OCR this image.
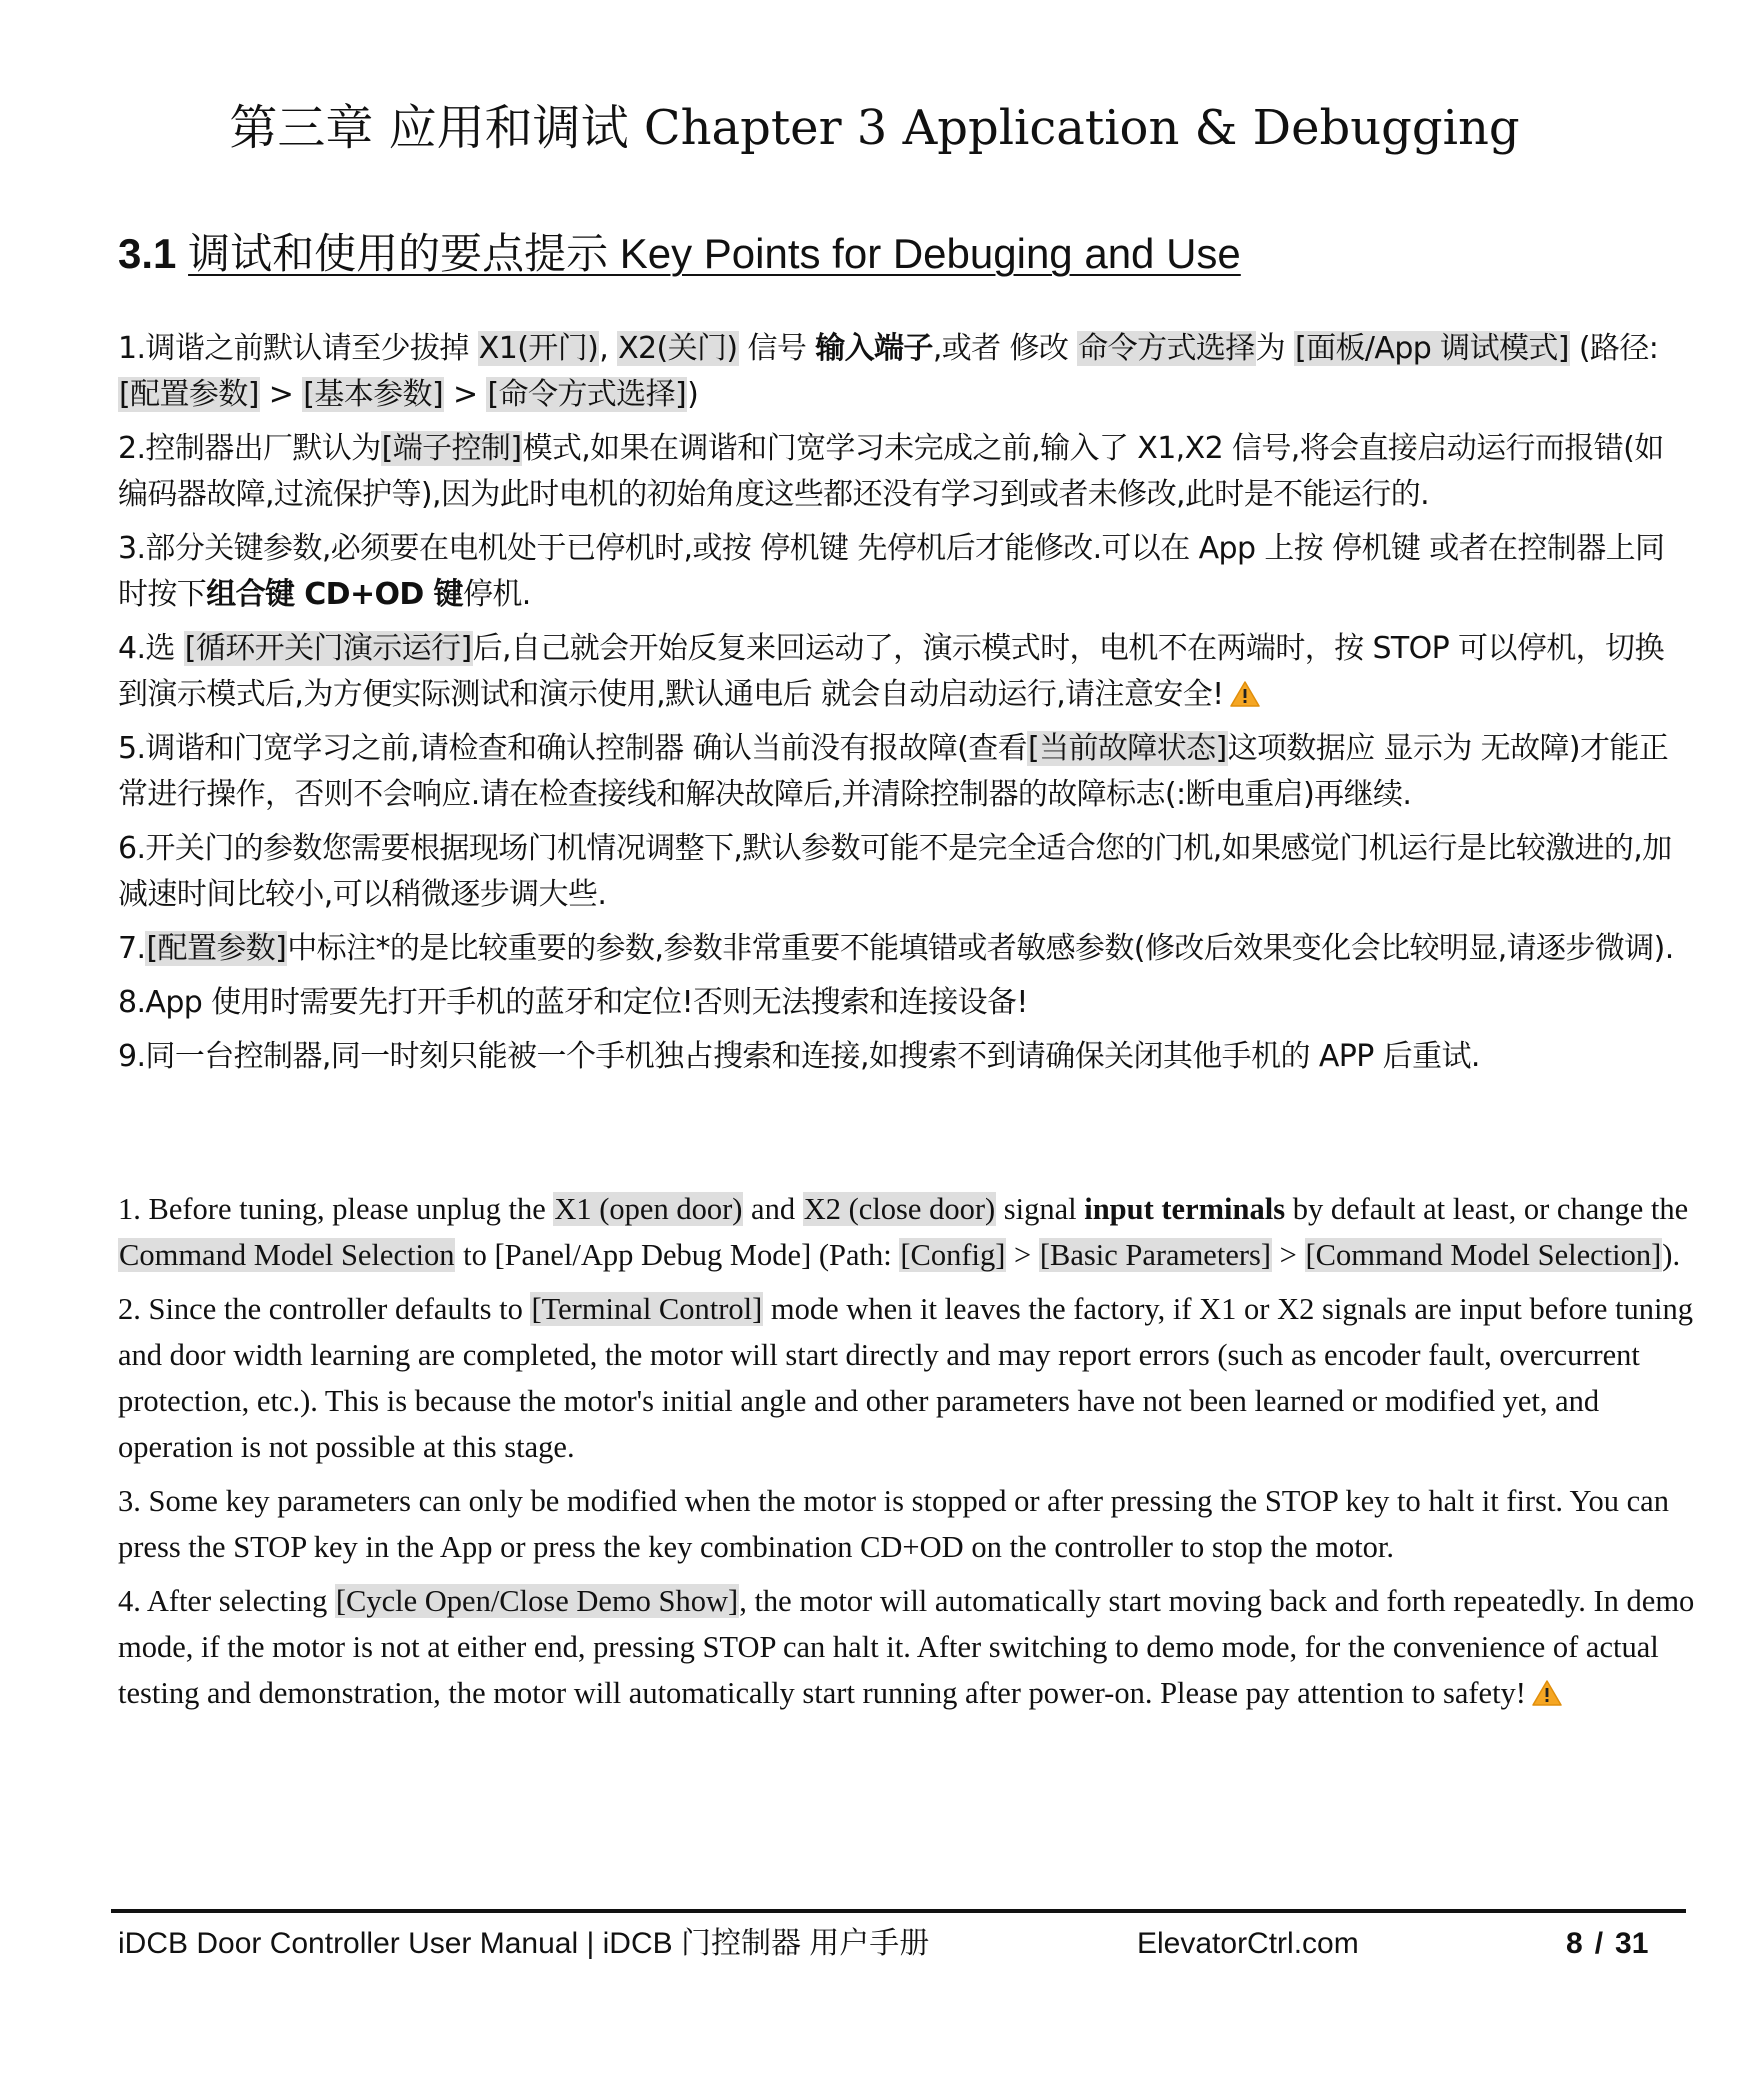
第三章 应用和调试 Chapter 3 Application & Debugging
3.1 调试和使用的要点提示 Key Points for Debuging and Use

1.调谐之前默认请至少拔掉 X1(开门), X2(关门) 信号 输入端子,或者 修改 命令方式选择为 [面板/App 调试模式] (路径: [配置参数] > [基本参数] > [命令方式选择])

2.控制器出厂默认为[端子控制]模式,如果在调谐和门宽学习未完成之前,输入了 X1,X2 信号,将会直接启动运行而报错(如 编码器故障,过流保护等),因为此时电机的初始角度这些都还没有学习到或者未修改,此时是不能运行的.

3.部分关键参数,必须要在电机处于已停机时,或按 停机键 先停机后才能修改.可以在 App 上按 停机键 或者在控制器上同时按下组合键 CD+OD 键停机.

4.选 [循环开关门演示运行]后,自己就会开始反复来回运动了，演示模式时，电机不在两端时，按 STOP 可以停机，切换到演示模式后,为方便实际测试和演示使用,默认通电后 就会自动启动运行,请注意安全!

5.调谐和门宽学习之前,请检查和确认控制器 确认当前没有报故障(查看[当前故障状态]这项数据应 显示为 无故障)才能正常进行操作，否则不会响应.请在检查接线和解决故障后,并清除控制器的故障标志(:断电重启)再继续.

6.开关门的参数您需要根据现场门机情况调整下,默认参数可能不是完全适合您的门机,如果感觉门机运行是比较激进的,加减速时间比较小,可以稍微逐步调大些.

7.[配置参数]中标注*的是比较重要的参数,参数非常重要不能填错或者敏感参数(修改后效果变化会比较明显,请逐步微调).

8.App 使用时需要先打开手机的蓝牙和定位!否则无法搜索和连接设备!

9.同一台控制器,同一时刻只能被一个手机独占搜索和连接,如搜索不到请确保关闭其他手机的 APP 后重试.

1. Before tuning, please unplug the X1 (open door) and X2 (close door) signal input terminals by default at least, or change the Command Model Selection to [Panel/App Debug Mode] (Path: [Config] > [Basic Parameters] > [Command Model Selection]).

2. Since the controller defaults to [Terminal Control] mode when it leaves the factory, if X1 or X2 signals are input before tuning and door width learning are completed, the motor will start directly and may report errors (such as encoder fault, overcurrent protection, etc.). This is because the motor's initial angle and other parameters have not been learned or modified yet, and operation is not possible at this stage.

3. Some key parameters can only be modified when the motor is stopped or after pressing the STOP key to halt it first. You can press the STOP key in the App or press the key combination CD+OD on the controller to stop the motor.

4. After selecting [Cycle Open/Close Demo Show], the motor will automatically start moving back and forth repeatedly. In demo mode, if the motor is not at either end, pressing STOP can halt it. After switching to demo mode, for the convenience of actual testing and demonstration, the motor will automatically start running after power-on. Please pay attention to safety!

iDCB Door Controller User Manual | iDCB 门控制器 用户手册	ElevatorCtrl.com	8 / 31
